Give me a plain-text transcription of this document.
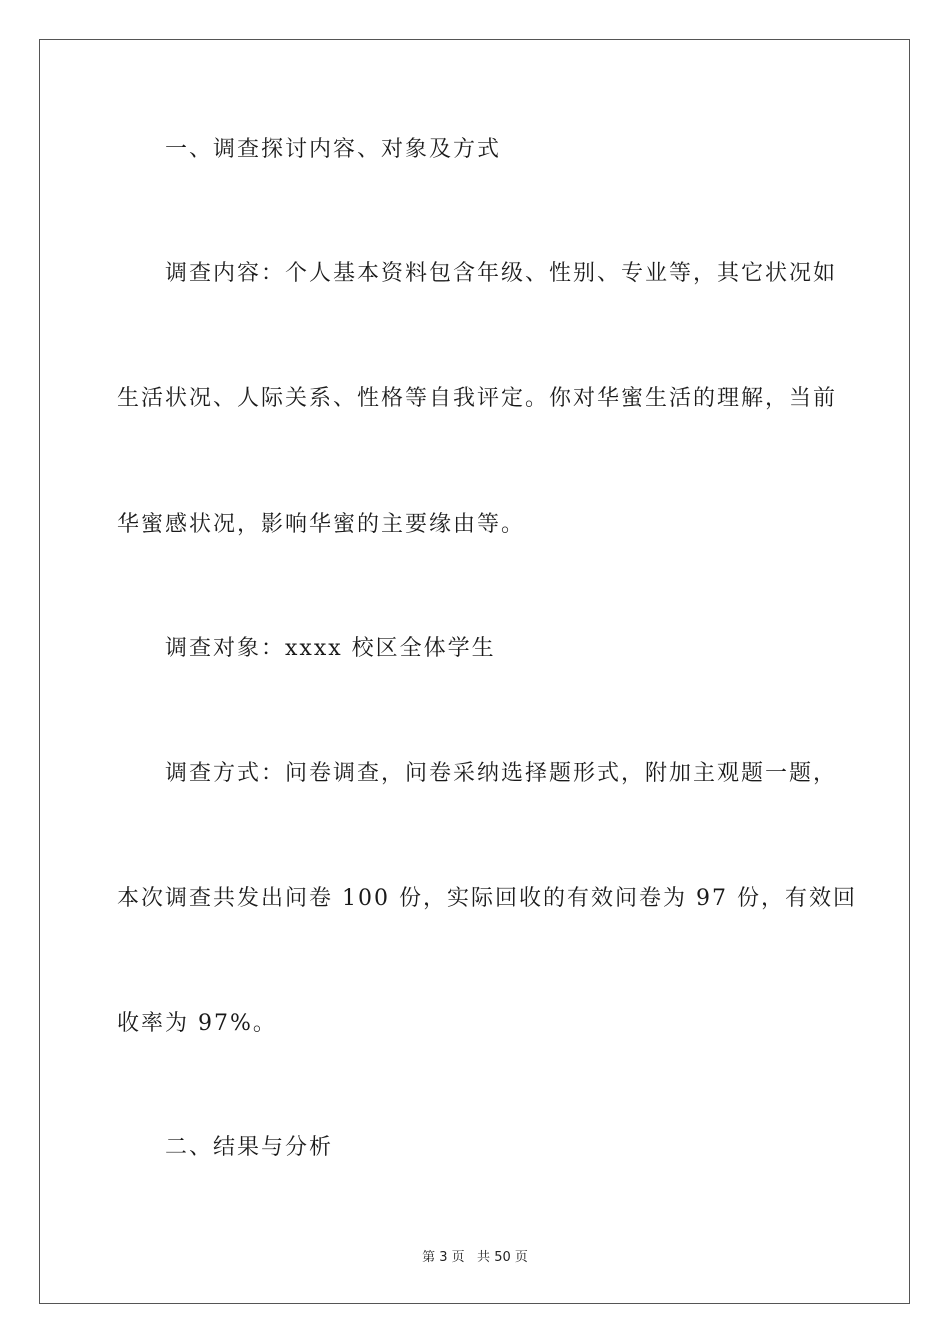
一、调查探讨内容、对象及方式
调查内容：个人基本资料包含年级、性别、专业等，其它状况如
生活状况、人际关系、性格等自我评定。你对华蜜生活的理解，当前
华蜜感状况，影响华蜜的主要缘由等。
调查对象：xxxx 校区全体学生
调查方式：问卷调查，问卷采纳选择题形式，附加主观题一题，
本次调查共发出问卷 100 份，实际回收的有效问卷为 97 份，有效回
收率为 97%。
二、结果与分析
第 3 页   共 50 页
